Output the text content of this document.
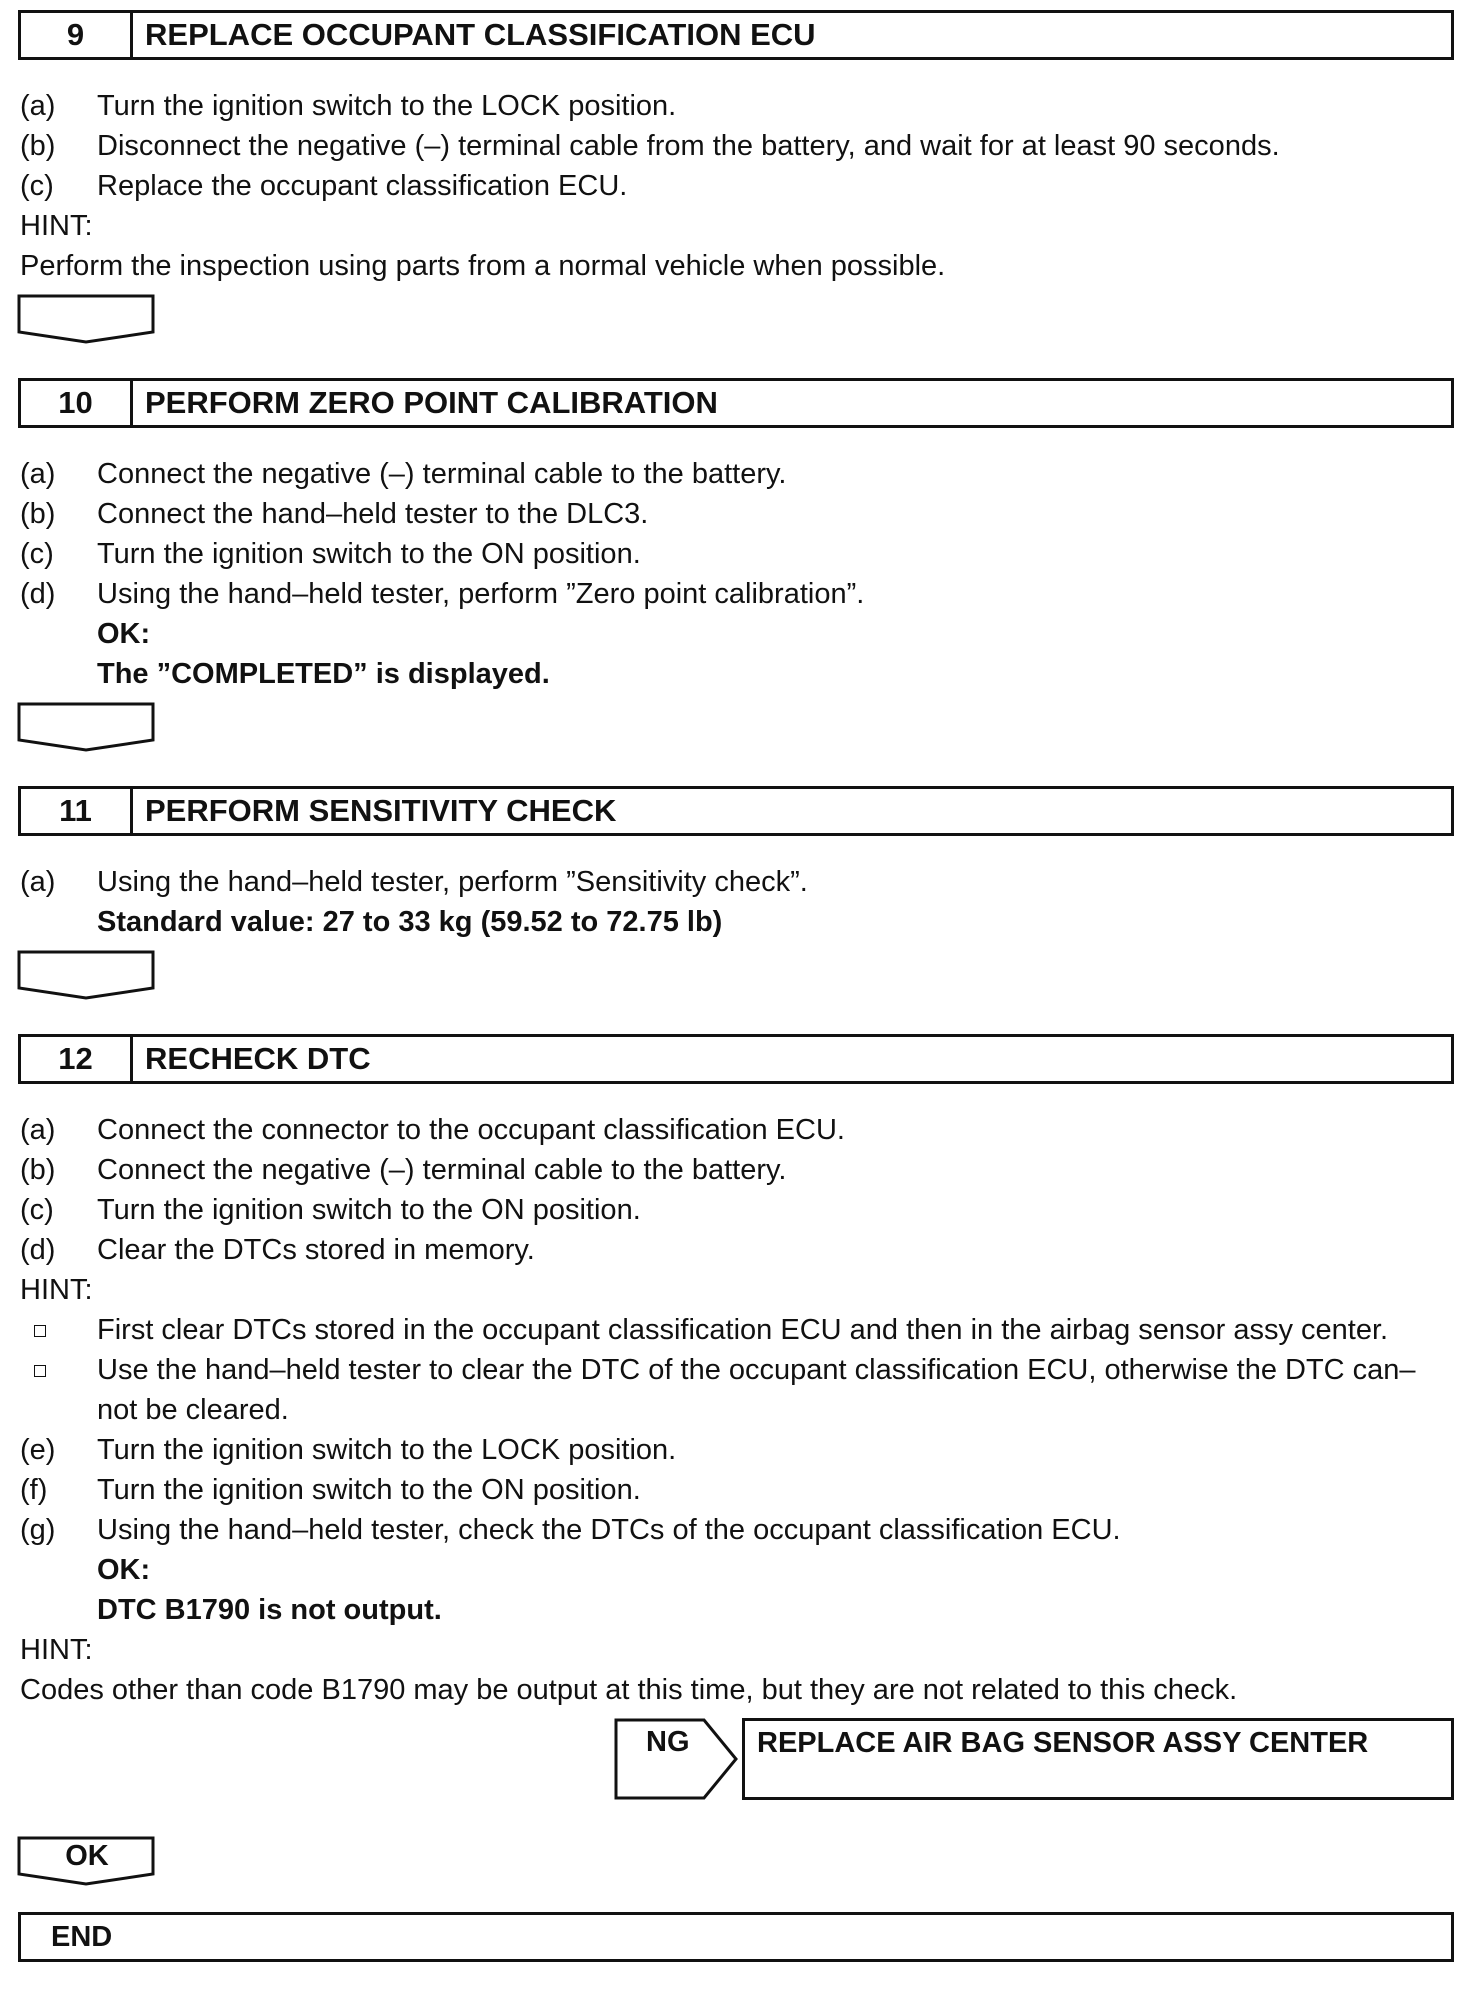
9	REPLACE OCCUPANT CLASSIFICATION ECU
(a) Turn the ignition switch to the LOCK position.
(b) Disconnect the negative (–) terminal cable from the battery, and wait for at least 90 seconds.
(c) Replace the occupant classification ECU.
HINT:
Perform the inspection using parts from a normal vehicle when possible.
10	PERFORM ZERO POINT CALIBRATION
(a) Connect the negative (–) terminal cable to the battery.
(b) Connect the hand–held tester to the DLC3.
(c) Turn the ignition switch to the ON position.
(d) Using the hand–held tester, perform ”Zero point calibration”.
OK:
The ”COMPLETED” is displayed.
11	PERFORM SENSITIVITY CHECK
(a) Using the hand–held tester, perform ”Sensitivity check”.
Standard value: 27 to 33 kg (59.52 to 72.75 lb)
12	RECHECK DTC
(a) Connect the connector to the occupant classification ECU.
(b) Connect the negative (–) terminal cable to the battery.
(c) Turn the ignition switch to the ON position.
(d) Clear the DTCs stored in memory.
HINT:
First clear DTCs stored in the occupant classification ECU and then in the airbag sensor assy center.
Use the hand–held tester to clear the DTC of the occupant classification ECU, otherwise the DTC can–
not be cleared.
(e) Turn the ignition switch to the LOCK position.
(f) Turn the ignition switch to the ON position.
(g) Using the hand–held tester, check the DTCs of the occupant classification ECU.
OK:
DTC B1790 is not output.
HINT:
Codes other than code B1790 may be output at this time, but they are not related to this check.
NG	REPLACE AIR BAG SENSOR ASSY CENTER
OK
END
